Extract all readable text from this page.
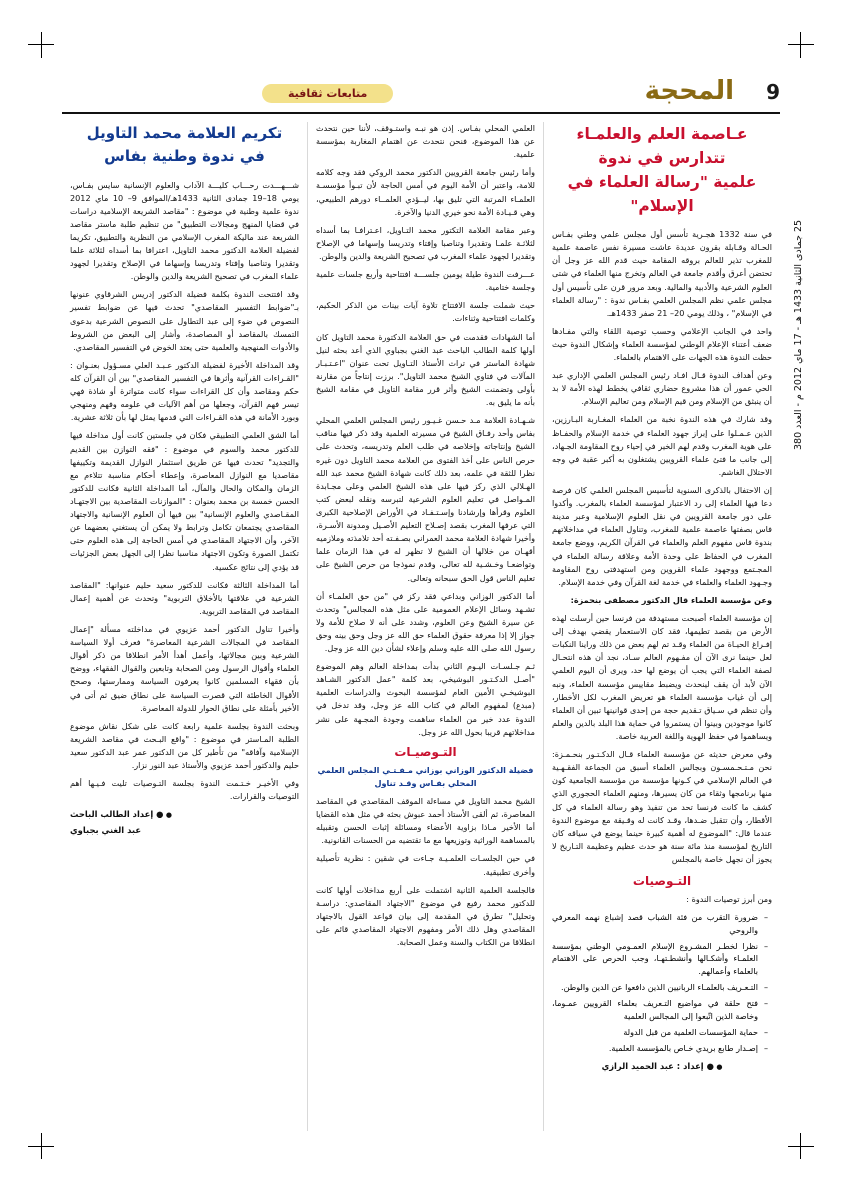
9
المحجة
متابعات ثقافية
25 جمادى الثانية 1433 هـ - 17 ماي 2012 م - العدد 380
عـاصمة العلم والعلمـاء تتدارس في ندوة
علمية "رسالة العلماء في الإسلام"

في سنة 1332 هجـرية تأسس أول مجلس علمي وطني بفـاس الحـالة وقـابلة بقرون عديدة عاشت مسيرة نفس عاصمة علمية للمغرب تذير للعالم بروقه المقامة حيث قدم الله عز وجل أن تحتضن أعرق وأقدم جامعة في العالم وتخرج منها العلماء في شتى العلوم الشرعية والأدبية والمالية. وبعد مرور قرن على تأسيس أول مجلس علمي نظم المجلس العلمي بفـاس ندوة : "رسالة العلماء في الإسلام" ، وذلك يومي 20– 21 صفر 1433هـ.

واحد في الجانب الإعلامي وحسب توصية اللقاء والتي مفـادها ضعف أعتناء الإعلام الوطني لمؤسسة العلماء وإشكال الندوة حيث حظت الندوة هذه الجهات على الاهتمام بالعلماء.

وعن أهداف الندوة قـال افـاد رئيس المجلس العلمي الإداري عبد الحي عمور أن هذا مشروع حضاري ثقافي يخطط لهذه الأمة لا بد أن ينبثق من الإسلام ومن قيم الإسلام ومن تعاليم الإسلام.

وقد شارك في هذه الندوة نخبة من العلماء المغـاربة البـارزين، الذين عـمـلوا على إبراز جهود العلماء في خدمة الإسلام والحفـاظ على هوية المغرب وقدم لهم الخير في إحياء روح المقاومة الجـهاد، إلى جانب ما فتئ علماء القرويين يشتغلون به أكبر عقبة في وجه الاحتلال الغاشم.

إن الاحتفال بالذكرى السنوية لتأسيس المجلس العلمي كان فرصة دعا فيها العلماء إلى رد الاعتبار لمؤسسة العلماء بالمغرب. وأكدوا على دور جامعة القرويين في نقل العلوم الإسلامية وعبر مدينة فاس بصفتها عاصمة علمية للمغرب، وتناول العلماء في مداخلاتهم بندوة فاس مفهوم العلم والعلماء في القرآن الكريم، ووضع جامعة المغرب في الحفاظ على وحدة الأمة وعلاقة رسالة العلماء في المجـتمع ووجهود علماء القروين ومن استهدفتى روح المقاومة وجـهود العلماء والعلماء في خدمة لغة القرآن وفي خدمة الإسلام.

وعن مؤسسة العلماء قال الدكتور مصطفى بنحمزة:

إن مؤسسة العلماء أصبحت مستهدفة من فرنسا حين أرسلت لهذه الأرض من بقصد تطيمها، فقد كان الاستعمار يقضي بهدف إلى إفـراغ الحيـاة من العلماء وقـد تم لهم بعض من ذلك وراينا النكبات لعل حينما نرى الآن أن مفـهوم العالم سـاد، نجد أن هذه انتحـال لصفة العلماء التي يجب أن يوضع لها حد، ويرى أن اليوم العلمي الآن لأبد أن يقف لينحدث ويضبط مقاييس مؤسسة العلماء، ونبه إلى أن غياب مؤسسة العلماء هو تعريض المغرب لكل الأخطار، وأن تنظم في سـياق تـقديم حجة من إحدى قوانينها تبين أن العلماء كانوا موجودين وبينوا أن يستمروا في حماية هذا البلد بالدين والعلم ويساهموا في حفظ الهوية واللغة العربية خاصة.

وفي معرض حديثه عن مؤسسة العلماء قـال الدكـتـور بنحـمـزة: نحن مـتـحـمسـون وبجالس العلماء أسبق من الجماعة الفقـهـية في العالم الإسلامي في كـونها مؤسسة من مؤسسة الجامعية كون منها برنامجها وثقاء من كان يسيرها، ومنهم العلماء الحجوري الذي كشف ما كانت فرنسا تحد من تنفيذ وهو رسالة العلماء في كل الأقطار، وأن تتقبل ضـدها، وقـد كانت له وقـيقة مع موضوع الندوة عندما قال: "الموضوع له أهمية كبيرة حينما يوضع في سياقه كان التاريخ لمؤسسة منذ مائة سنة هو حدث عظيم وعظيمة التـاريخ لا يجوز أن نجهل خاصة بالمجلس

العلمي المحلي بفـاس. إذن هو نبـه واستـوقف، لأننا حين نتحدث عن هذا الموضوع، فنحن نتحدث عن اهتمام المغاربة بمؤسسة علمية.

وأما رئيس جامعة القرويين الدكتور محمد الروكي فقد وجه كلامه للامة، واعتبر أن الأمة اليوم في أمس الحاجة لأن تبـوأ مؤسسـة العلمـاء المرتبة التي تليق بها، ليــؤدي العلمــاء دورهم الطبيعي، وهي قـيـادة الأمة نحو خيري الدنيا والآخرة.

وعبر مقامة العلامة التكتور محمد التـاويل، اعـترافـا بما أسداه لثلاثـة علمـا وتقديرا وتناصبا وإفتاء وتدريسا وإسهاما في الإصلاح وتقديرا لجهود علماء المغرب في تصحيح الشريعة والدين والوطن.

عـــرفت الندوة طيلة يومين جلســـة افتتاحية وأربع جلسات علمية وجلسة ختامية.

حيث شملت جلسة الافتتاح تلاوة آيات بينات من الذكر الحكيم، وكلمات افتتاحية وثناءات.

أما الشهادات فقدمت في حق العلامة الدكتورة محمد التاويل كان أولها كلمة الطالب الباحث عبد الغني بجباوي الذي أعد بحثه لنيل شهادة الماستر في تراث الأستاذ التـاويل تحت عنوان "اعـتـبـار المآلات في فتاوي الشيخ محمد التاويل". برزت إنتاجاً من مقارنة بأولى وتضمنت الشيخ وأثر قرر مقامة التاويل في مقامة الشيخ بأنه ما يليق به.

شـهـادة العلامة مـد حـسن غـيـور رئيس المجلس العلمي المحلي بفاس وأحد رفـاق الشيخ في مسيرته العلمية وقد ذكر فيها مناقب الشيخ وإنتاجاته وإخلاصه في طلب العلم وتدريسه، وتحدث على حرص الناس على أخذ الفتوى من العلامة محمد التاويل دون غيره نظرا للثقة في علمه، بعد ذلك كانت شهادة الشيخ محمد عبد الله الهـلالي الذي ركز فيها على هذه الشيخ العلمي وعلى مجـابدة المـواصل في تعليم العلوم الشرعية لتبرسه ونقله لبعض كتب العلوم وقرأها وإرشادنا وإسـتـفـاد في الأوراض الإصلاحية الكبرى التي عرفها المغرب بقصد إصـلاح التعليم الأصـيل ومدونة الأسـرة، وأخيرا شهادة العلامة محمد العمراني بصـفـته أحد تلامذته وملازميه أقهـان من خلالها أن الشيخ لا تظهر له في هذا الزمان علما وتواضعـا وخـشـية لله تعالى، وقدم نموذجا من حرص الشيخ على تعليم الناس قول الحق سبحانه وتعالى.

أما الدكتور الوزاني وبداعي فقد ركز في "من حق العلمـاء أن تشـهد وسائل الإعلام العمومية على مثل هذه المجالس" وتحدث عن سيرة الشيخ وعن العلوم، وشدد على أنه لا صلاح للأمة ولا جواز إلا إذا معرفة حقوق العلماء حق الله عز وجل وحق بينه وحق رسول الله صلى الله عليه وسلم وإعلاء لشأن دين الله عز وجل.

ثـم جـلسـات اليـوم الثاني بدأت بمداخلة العالم وهم الموضوع "أصـل الدكـتـور البوشيخي، بعد كلمة "عمل الدكتور الشـاهد البوشيخـي الأمين العام لمؤسسة البحوث والدراسات العلمية (مبدع) لمفهوم العالم في كتاب الله عز وجل، وقد تدخل في الندوة عدد خير من العلماء ساهمت وجودة المجـهة على نشر مداخلاتهم قريبا بحول الله عز وجل.

التـوصيـات

فضيلة الدكتور الوزاني بوزاني مـفـتـي المجلس العلمي المحلي بفـاس وقـد تناول

الشيخ محمد التاويل في مساءلة الموقف المقاصدي في المقاصد المعاصرة، ثم ألقى الأستاذ أحمد عبوش بحثه في مثل هذه القضايا أما الأخير مـاذا بزاوية الأعضاء ومسائلة إثبات الحسن وتقبيله بالمساهمة الوراثية وتوزيعها مع ما تقتضيه من الحسنات القانونية.

في حين الجلسـات العلمـيـة جـاءت في شقين : نظرية تأصيلية وأخرى تطبيقية.

فالجلسة العلمية الثانية اشتملت على أربع مداخلات أولها كانت للدكتور محمد رفيع في موضوع "الاجتهاد المقاصدي: دراسـة وتحليل" تطرق في المقدمة إلى بيان قواعد القول بالاجتهاد المقاصدي وهل ذلك الأمر ومفهوم الاجتهاد المقاصدي قائم على انطلاقا من الكتاب والسنة وعمل الصحابة.

تكريم العلامة محمد التاويل
في ندوة وطنية بفاس

شـــهـــدت رحـــاب كليـــة الآداب والعلوم الإنسانية سايس بفـاس، يومي 18–19 جمادى الثانية 1433هـ/الموافق 9– 10 ماي 2012 ندوة علمية وطنية في موضوع : "مقاصد الشريعة الإسلامية دراسات في قضايا المنهج ومجالات التطبيق" من تنظيم طلبة ماستر مقاصد الشريعة عند ماليكة المغرب الإسلامي من النظرية والتطبيق، تكريما لفضيلة العلامة الدكتور محمد التاويل، اعترافا بما أسداه لثلاثة علما وتقديرا وتناصبا وإفتاء وتدريسا وإسهاما في الإصلاح وتقديرا لجهود علماء المغرب في تصحيح الشريعة والدين والوطن.

وقد افتتحت الندوة بكلمة فضيلة الدكتور إدريس الشرقاوي عنونها بـ"ضوابط التفسير المقاصدي" تحدث فيها عن ضوابط تفسير النصوص في ضوء إلى عبد التطاول على النصوص الشرعية بدعوى التمسك بالمقاصد أو المصاصدة، وأشار إلى البعض من الشروط والأدوات المنهجية والعلمية حتى يعتد الخوض في التفسير المقاصدي.

وقد المداخلة الأخيرة لفضيلة الدكتور عـبـد العلي مسـؤول بعنـوان : "القـراءات القرآنية وأثرها في التفسير المقاصدي" بين أن القرآن كله حكم ومقاصد وأن كل القراءات سواء كانت متواترة أو شاذة فهي تيسر فهم القرآن، وجعلها من أهم الآليات في علومه وفهم ومنهجي وبورد الأمانة في هذه القـراءات التي قدمها يمثل لها بأن ثلاثة عشرية.

أما الشق العلمي التطبيقي فكان في جلستين كانت أول مداخلة فيها للدكتور محمد والسوم في موضوع : "فقه التوازن بين القديم والتجديد" تحدث فيها عن طريق استثمار النوازل القديمة وتكييفها مقاصديا مع النوازل المعاصرة، وإعطاء أحكام مناسبة تتلاءم مع الزمان والمكان والحال والمآل، أما المداخلة الثانية فكانت للدكتور الحسن خمسة بن محمد بعنوان : "الموازنات المقاصدية بين الاجتهـاد المقـاصدي والعلوم الإنسانية" بين فيها أن العلوم الإنسانية والاجتهاد المقاصدي يجتمعان تكامل وترابط ولا يمكن أن يستغني بعضهما عن الآخر، وأن الاجتهاد المقاصدي في أمس الحاجة إلى هذه العلوم حتى تكتمل الصورة وتكون الاجتهاد مناسبا نظرا إلى الجهل بعض الجزئيات قد يؤدي إلى نتائج عكسية.

أما المداخلة الثالثة فكانت للدكتور سعيد حليم عنوانها: "المقاصد الشرعية في علاقتها بالأخلاق التربوية" وتحدث عن أهمية إعمال المقاصد في المقاصد التربوية.

وأخيرا تناول الدكتور أحمد عزيوي في مداخلته مسألة "إعمال المقاصد في المجالات الشرعية المعاصرة" فعرف أولا السياسة الشرعية وبين مجالاتها، وأعمل أهدأ الأمر انطلاقا من ذكر أقوال العلماء وأقوال الرسول ومن الصحابة وتابعين والقوال الفقهاء، ووضح بأن فقهاء المسلمين كانوا يعرفون السياسة وممارستها، وصحح الأقوال الخاطئة التي قصرت السياسة على نطاق ضيق ثم أتى في الأخير بأمثلة على نطاق الحوار للدولة المعاصرة.

وبحثت الندوة بجلسة علمية رابعة كانت على شكل نقاش موضوع الطلبة المـاستر في موضوع : "واقع البـحث في مقاصد الشريعة الإسلامية وآفاقه" من تأطير كل من الدكتور عمر عبد الدكتور سعيد حليم والدكتور أحمد عزيوي والأستاذ عبد النور نزار.

وفي الأخيـر خـتـمت الندوة بجلسة التـوصيات تليت فـيـها أهم التوصيات والقرارات.

● ● إعداد الطالب الباحث
عبد الغني بجباوي
التـوصيات

ومن أبرز توصيات الندوة :

– ضرورة التقرب من فئة الشباب قصد إشباع نهمه المعرفي والروحي
– نظرا لخطـر المشـروع الإسلام العمـومي الوطني بمؤسسة العلمـاء وأشكـالها وأنشطـتهـا، وجب الحرص على الاهتمام بالعلماء وأعمالهم.
– التـعـريف بالعلمـاء الربانيين الذين دافعوا عن الدين والوطن.
– فتح حلقة في مواضيع التـعريف بعلماء القرويين عمـوما، وخاصة الذين اتّبعوا إلى المجالس العلمية
– حماية المؤسسات العلمية من قبل الدولة
– إصـدار طابع بريدي خـاص بالمؤسسة العلمية.
● ● إعداد : عبد الحميد الرازي
